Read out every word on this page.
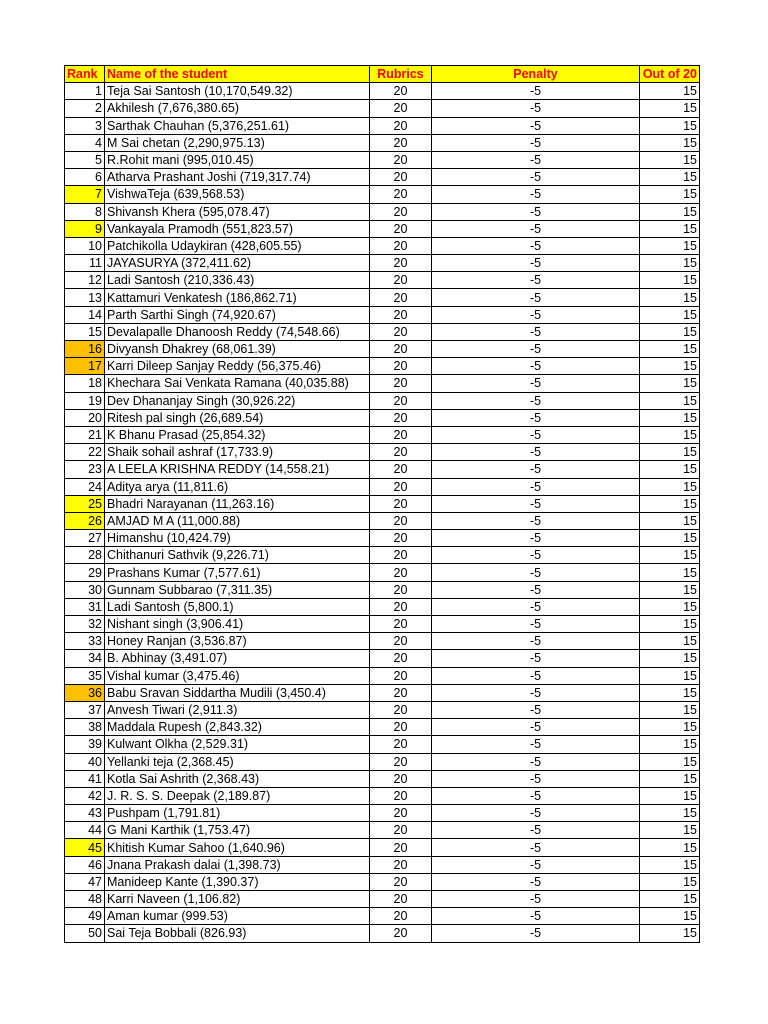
Rank	Name of the student	Rubrics	Penalty	Out of 20
1	Teja Sai Santosh (10,170,549.32)	20	-5	15
2	Akhilesh (7,676,380.65)	20	-5	15
3	Sarthak Chauhan (5,376,251.61)	20	-5	15
4	M Sai chetan (2,290,975.13)	20	-5	15
5	R.Rohit mani (995,010.45)	20	-5	15
6	Atharva Prashant Joshi (719,317.74)	20	-5	15
7	VishwaTeja (639,568.53)	20	-5	15
8	Shivansh Khera (595,078.47)	20	-5	15
9	Vankayala Pramodh (551,823.57)	20	-5	15
10	Patchikolla Udaykiran (428,605.55)	20	-5	15
11	JAYASURYA (372,411.62)	20	-5	15
12	Ladi Santosh (210,336.43)	20	-5	15
13	Kattamuri Venkatesh (186,862.71)	20	-5	15
14	Parth Sarthi Singh (74,920.67)	20	-5	15
15	Devalapalle Dhanoosh Reddy (74,548.66)	20	-5	15
16	Divyansh Dhakrey (68,061.39)	20	-5	15
17	Karri Dileep Sanjay Reddy (56,375.46)	20	-5	15
18	Khechara Sai Venkata Ramana (40,035.88)	20	-5	15
19	Dev Dhananjay Singh (30,926.22)	20	-5	15
20	Ritesh pal singh (26,689.54)	20	-5	15
21	K Bhanu Prasad (25,854.32)	20	-5	15
22	Shaik sohail ashraf (17,733.9)	20	-5	15
23	A LEELA KRISHNA REDDY (14,558.21)	20	-5	15
24	Aditya arya (11,811.6)	20	-5	15
25	Bhadri Narayanan (11,263.16)	20	-5	15
26	AMJAD M A (11,000.88)	20	-5	15
27	Himanshu (10,424.79)	20	-5	15
28	Chithanuri Sathvik (9,226.71)	20	-5	15
29	Prashans Kumar (7,577.61)	20	-5	15
30	Gunnam Subbarao (7,311.35)	20	-5	15
31	Ladi Santosh (5,800.1)	20	-5	15
32	Nishant singh (3,906.41)	20	-5	15
33	Honey Ranjan (3,536.87)	20	-5	15
34	B. Abhinay (3,491.07)	20	-5	15
35	Vishal kumar (3,475.46)	20	-5	15
36	Babu Sravan Siddartha Mudili (3,450.4)	20	-5	15
37	Anvesh Tiwari (2,911.3)	20	-5	15
38	Maddala Rupesh (2,843.32)	20	-5	15
39	Kulwant Olkha (2,529.31)	20	-5	15
40	Yellanki teja (2,368.45)	20	-5	15
41	Kotla Sai Ashrith (2,368.43)	20	-5	15
42	J. R. S. S. Deepak (2,189.87)	20	-5	15
43	Pushpam (1,791.81)	20	-5	15
44	G Mani Karthik (1,753.47)	20	-5	15
45	Khitish Kumar Sahoo (1,640.96)	20	-5	15
46	Jnana Prakash dalai (1,398.73)	20	-5	15
47	Manideep Kante (1,390.37)	20	-5	15
48	Karri Naveen (1,106.82)	20	-5	15
49	Aman kumar (999.53)	20	-5	15
50	Sai Teja Bobbali (826.93)	20	-5	15
